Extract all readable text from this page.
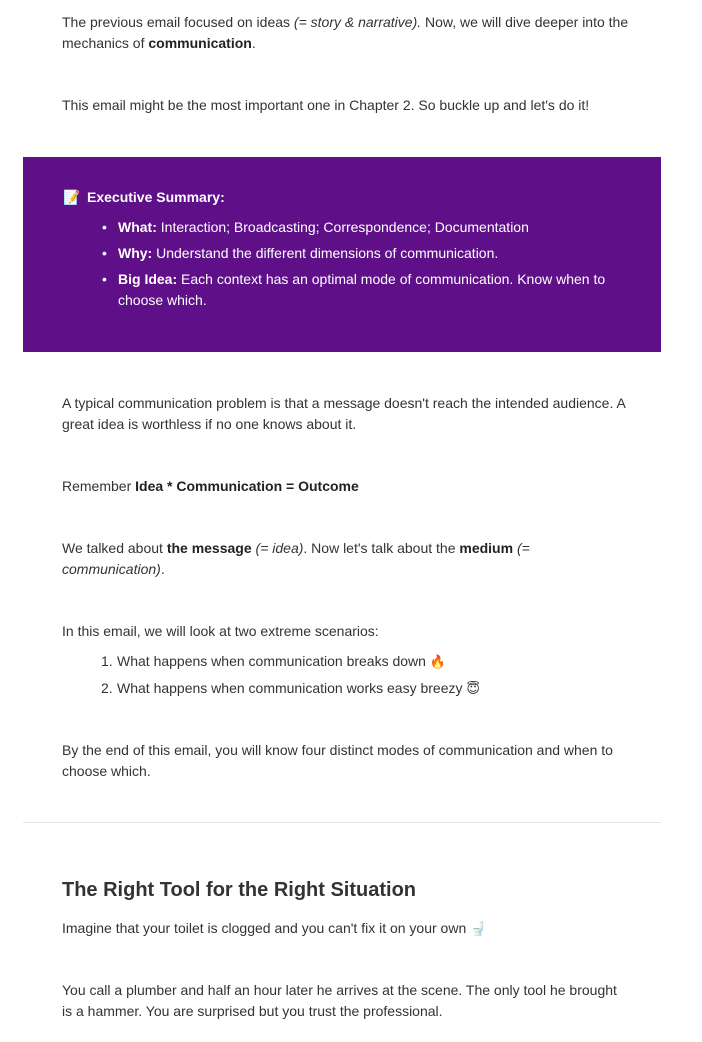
The previous email focused on ideas (= story & narrative). Now, we will dive deeper into the mechanics of communication.

This email might be the most important one in Chapter 2. So buckle up and let's do it!

📝 Executive Summary:
• What: Interaction; Broadcasting; Correspondence; Documentation
• Why: Understand the different dimensions of communication.
• Big Idea: Each context has an optimal mode of communication. Know when to choose which.

A typical communication problem is that a message doesn't reach the intended audience. A great idea is worthless if no one knows about it.

Remember Idea * Communication = Outcome

We talked about the message (= idea). Now let's talk about the medium (= communication).

In this email, we will look at two extreme scenarios:

1. What happens when communication breaks down 🔥
2. What happens when communication works easy breezy 😇

By the end of this email, you will know four distinct modes of communication and when to choose which.

The Right Tool for the Right Situation

Imagine that your toilet is clogged and you can't fix it on your own 🚽

You call a plumber and half an hour later he arrives at the scene. The only tool he brought is a hammer. You are surprised but you trust the professional.
